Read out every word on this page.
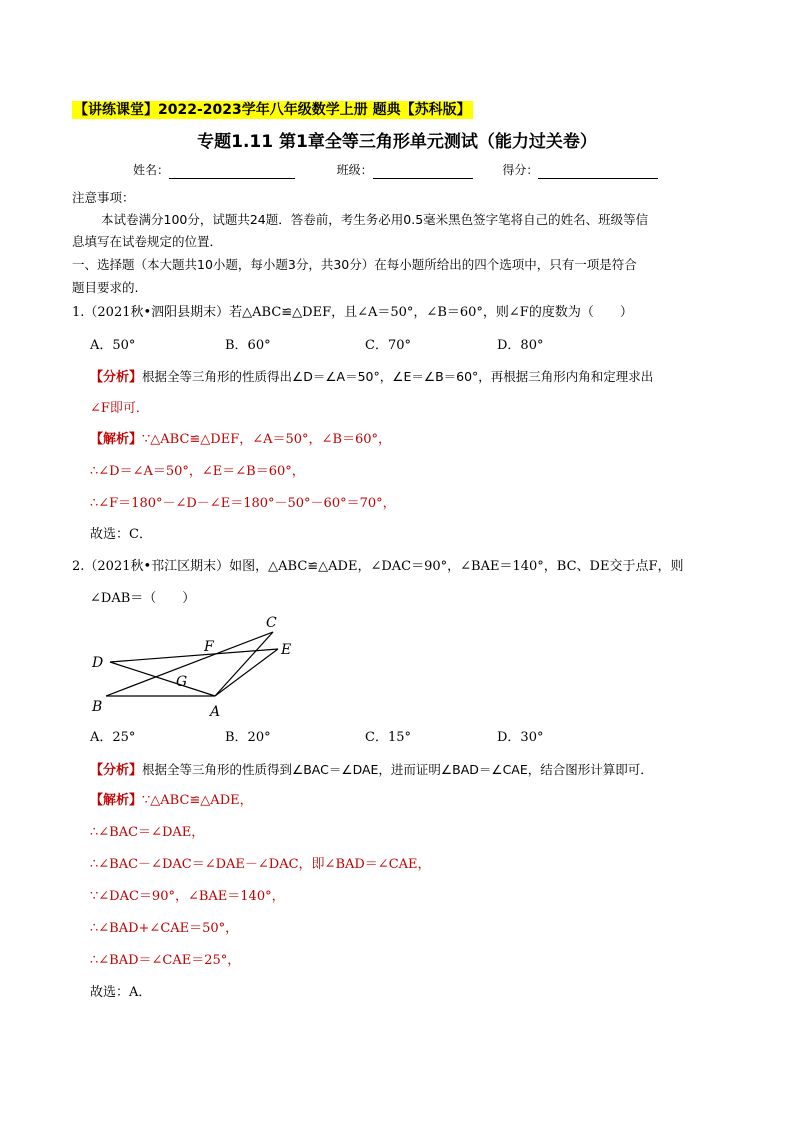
【讲练课堂】2022-2023学年八年级数学上册 题典【苏科版】
专题1.11 第1章全等三角形单元测试（能力过关卷）
姓名：	班级：	得分：
注意事项：
本试卷满分100分，试题共24题．答卷前，考生务必用0.5毫米黑色签字笔将自己的姓名、班级等信
息填写在试卷规定的位置．
一、选择题（本大题共10小题，每小题3分，共30分）在每小题所给出的四个选项中，只有一项是符合
题目要求的.
1.（2021秋•泗阳县期末）若△ABC≌△DEF，且∠A＝50°，∠B＝60°，则∠F的度数为（　　）
A．50°	B．60°	C．70°	D．80°
【分析】根据全等三角形的性质得出∠D＝∠A＝50°，∠E＝∠B＝60°，再根据三角形内角和定理求出
∠F即可．
【解析】∵△ABC≌△DEF，∠A＝50°，∠B＝60°，
∴∠D＝∠A＝50°，∠E＝∠B＝60°，
∴∠F＝180°－∠D－∠E＝180°－50°－60°＝70°，
故选：C．
2.（2021秋•邗江区期末）如图，△ABC≌△ADE，∠DAC＝90°，∠BAE＝140°，BC、DE交于点F，则
∠DAB＝（　　）
C
E
F
D
G
B	A
A．25°	B．20°	C．15°	D．30°
【分析】根据全等三角形的性质得到∠BAC＝∠DAE，进而证明∠BAD＝∠CAE，结合图形计算即可．
【解析】∵△ABC≌△ADE，
∴∠BAC＝∠DAE，
∴∠BAC－∠DAC＝∠DAE－∠DAC，即∠BAD＝∠CAE，
∵∠DAC＝90°，∠BAE＝140°，
∴∠BAD+∠CAE＝50°，
∴∠BAD＝∠CAE＝25°，
故选：A．
